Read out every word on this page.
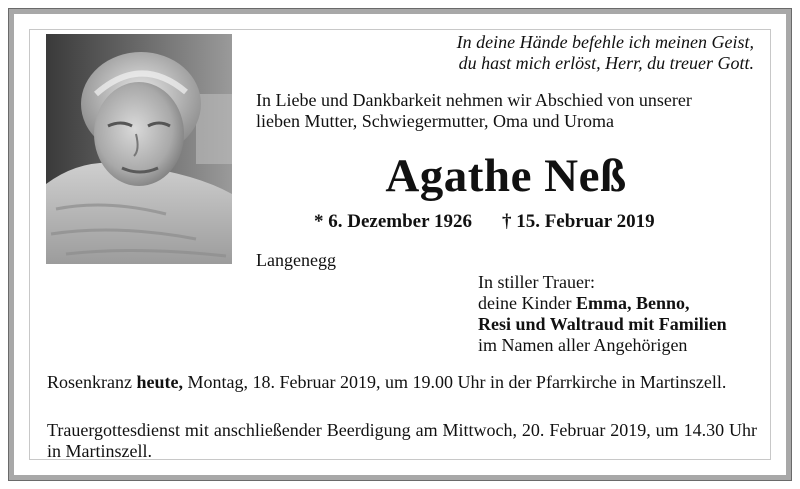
In deine Hände befehle ich meinen Geist,
du hast mich erlöst, Herr, du treuer Gott.
In Liebe und Dankbarkeit nehmen wir Abschied von unserer
lieben Mutter, Schwiegermutter, Oma und Uroma
Agathe Neß
* 6. Dezember 1926 † 15. Februar 2019
Langenegg
In stiller Trauer:
deine Kinder Emma, Benno,
Resi und Waltraud mit Familien
im Namen aller Angehörigen
Rosenkranz heute, Montag, 18. Februar 2019, um 19.00 Uhr in der Pfarrkirche in Martinszell.
Trauergottesdienst mit anschließender Beerdigung am Mittwoch, 20. Februar 2019, um 14.30 Uhr in Martinszell.
